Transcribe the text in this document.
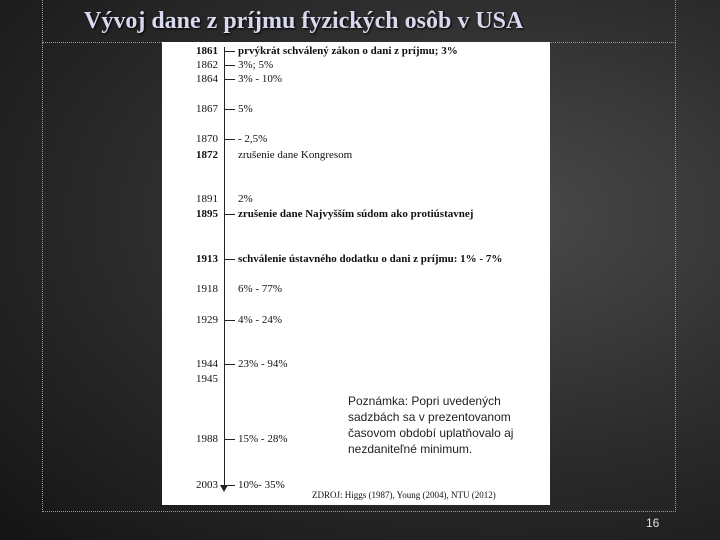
Vývoj dane z príjmu fyzických osôb v USA
1861 prvýkrát schválený zákon o dani z príjmu; 3%
1862 3%; 5%
1864 3% - 10%
1867 5%
1870 - 2,5%
1872 zrušenie dane Kongresom
1891 2%
1895 zrušenie dane Najvyšším súdom ako protiústavnej
1913 schválenie ústavného dodatku o dani z príjmu: 1% - 7%
1918 6% - 77%
1929 4% - 24%
1944 23% - 94%
1945
1988 15% - 28%
2003 10%- 35%
Poznámka: Popri uvedených sadzbách sa v prezentovanom časovom období uplatňovalo aj nezdaniteľné minimum.
ZDROJ: Higgs (1987), Young (2004), NTU (2012)
16
